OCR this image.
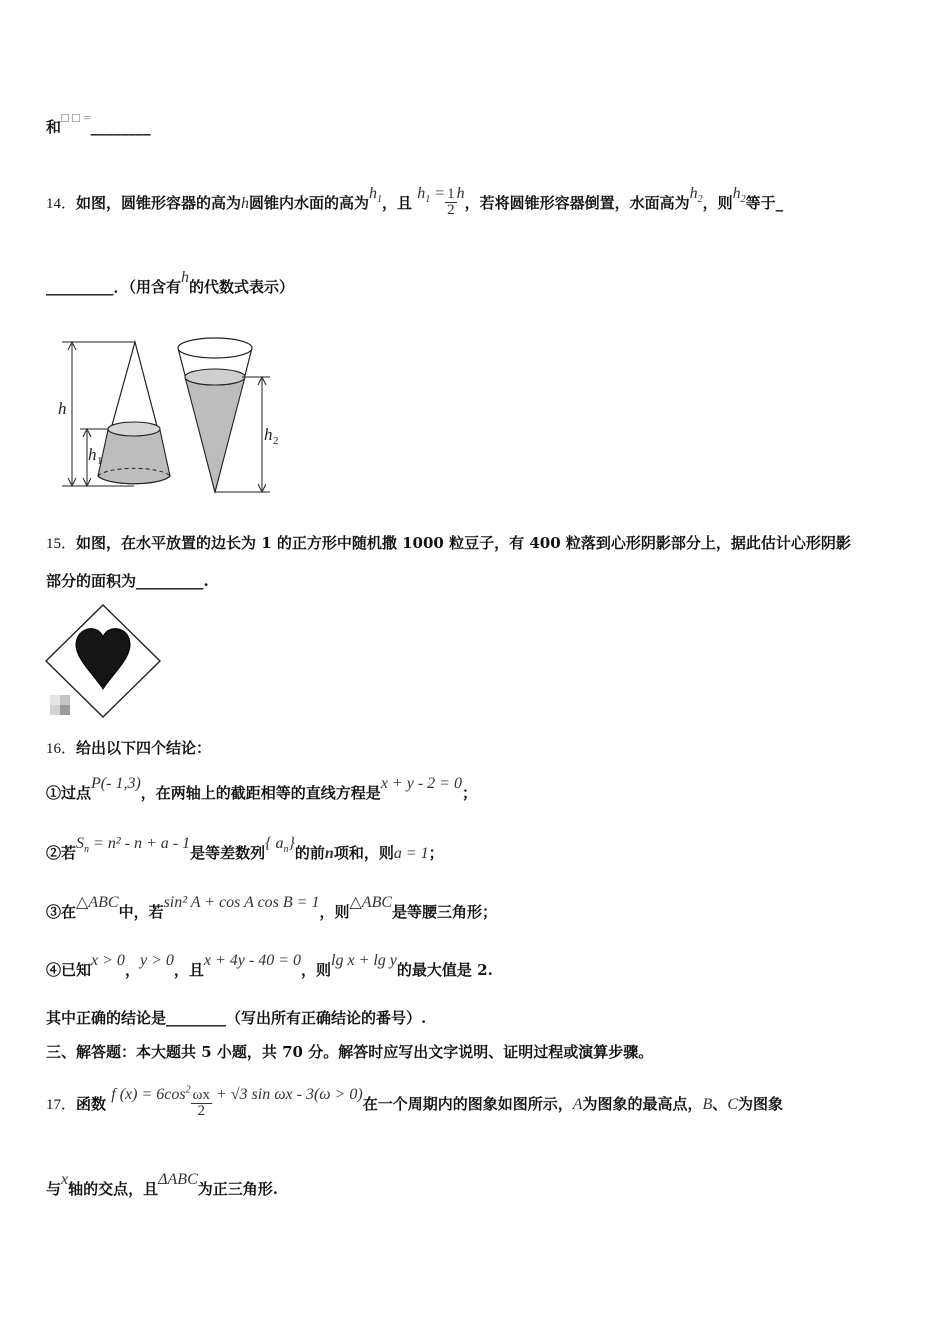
和□ □ =________
14．如图，圆锥形容器的高为h圆锥内水面的高为$h_1$，且 $h_1 = \frac{1}{2}$ h，若将圆锥形容器倒置，水面高为$h_2$，则$h_2$等于_
_________．（用含有h的代数式表示）
h
h 1
h 2
15．如图，在水平放置的边长为 1 的正方形中随机撒 1000 粒豆子，有 400 粒落到心形阴影部分上，据此估计心形阴影
部分的面积为_________.
16．给出以下四个结论：
①过点P(- 1,3)，在两轴上的截距相等的直线方程是x + y - 2 = 0；
②若$S_n = n^2 - n + a - 1$是等差数列{ $a_n$}的前n项和，则a = 1；
③在△ABC中，若sin² A + cos A cos B = 1，则△ABC是等腰三角形；
④已知x > 0，y > 0，且x + 4y - 40 = 0，则lg x + lg y的最大值是 2.
其中正确的结论是________（写出所有正确结论的番号）.
三、解答题：本大题共 5 小题，共 70 分。解答时应写出文字说明、证明过程或演算步骤。
17．函数 f $(x) = 6\cos^2 \frac{\omega x}{2} + √3$ sin ωx - 3(ω > 0)在一个周期内的图象如图所示，A为图象的最高点，B、C为图象
与x轴的交点，且ΔABC为正三角形.
